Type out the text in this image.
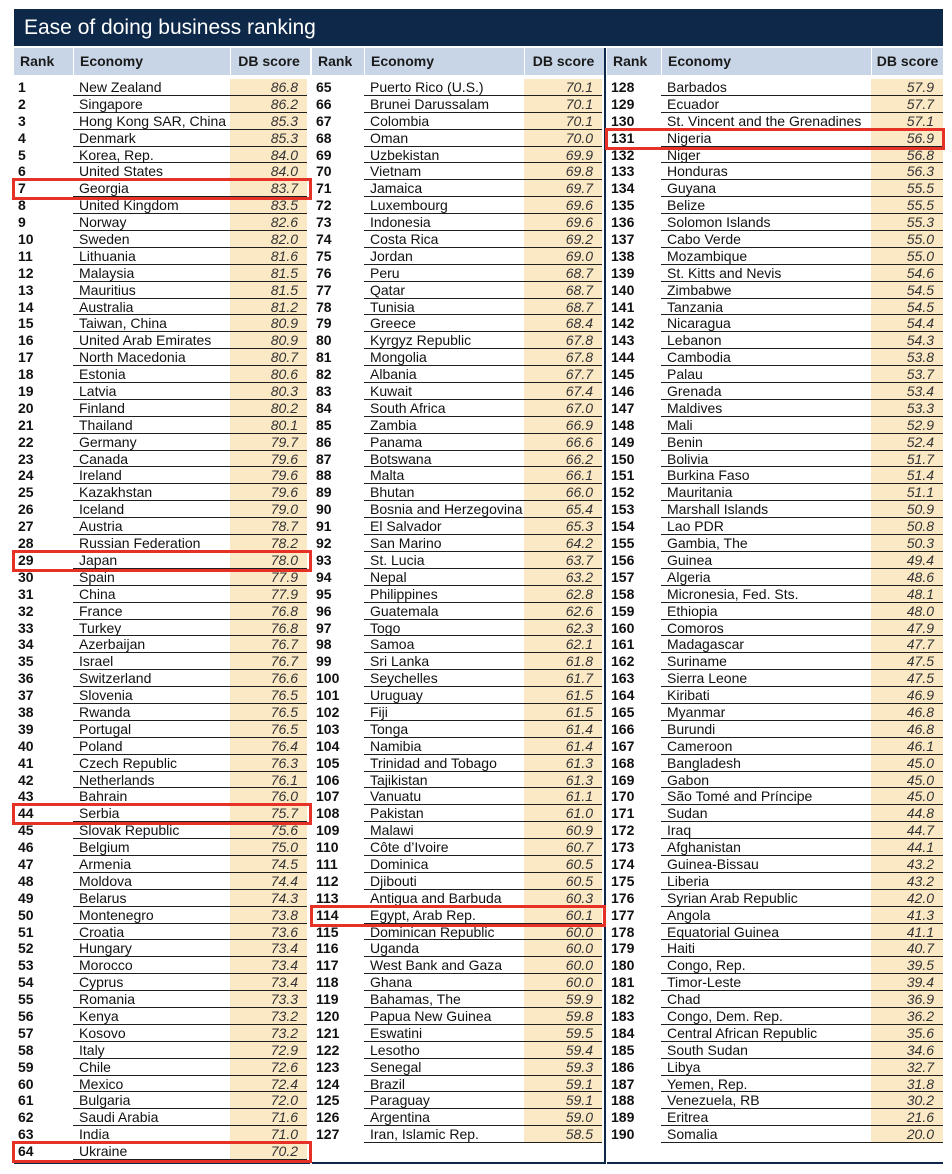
Ease of doing business ranking
Rank	Economy	DB score
1	New Zealand	86.8
2	Singapore	86.2
3	Hong Kong SAR, China	85.3
4	Denmark	85.3
5	Korea, Rep.	84.0
6	United States	84.0
7	Georgia	83.7
8	United Kingdom	83.5
9	Norway	82.6
10	Sweden	82.0
11	Lithuania	81.6
12	Malaysia	81.5
13	Mauritius	81.5
14	Australia	81.2
15	Taiwan, China	80.9
16	United Arab Emirates	80.9
17	North Macedonia	80.7
18	Estonia	80.6
19	Latvia	80.3
20	Finland	80.2
21	Thailand	80.1
22	Germany	79.7
23	Canada	79.6
24	Ireland	79.6
25	Kazakhstan	79.6
26	Iceland	79.0
27	Austria	78.7
28	Russian Federation	78.2
29	Japan	78.0
30	Spain	77.9
31	China	77.9
32	France	76.8
33	Turkey	76.8
34	Azerbaijan	76.7
35	Israel	76.7
36	Switzerland	76.6
37	Slovenia	76.5
38	Rwanda	76.5
39	Portugal	76.5
40	Poland	76.4
41	Czech Republic	76.3
42	Netherlands	76.1
43	Bahrain	76.0
44	Serbia	75.7
45	Slovak Republic	75.6
46	Belgium	75.0
47	Armenia	74.5
48	Moldova	74.4
49	Belarus	74.3
50	Montenegro	73.8
51	Croatia	73.6
52	Hungary	73.4
53	Morocco	73.4
54	Cyprus	73.4
55	Romania	73.3
56	Kenya	73.2
57	Kosovo	73.2
58	Italy	72.9
59	Chile	72.6
60	Mexico	72.4
61	Bulgaria	72.0
62	Saudi Arabia	71.6
63	India	71.0
64	Ukraine	70.2
Rank	Economy	DB score
65	Puerto Rico (U.S.)	70.1
66	Brunei Darussalam	70.1
67	Colombia	70.1
68	Oman	70.0
69	Uzbekistan	69.9
70	Vietnam	69.8
71	Jamaica	69.7
72	Luxembourg	69.6
73	Indonesia	69.6
74	Costa Rica	69.2
75	Jordan	69.0
76	Peru	68.7
77	Qatar	68.7
78	Tunisia	68.7
79	Greece	68.4
80	Kyrgyz Republic	67.8
81	Mongolia	67.8
82	Albania	67.7
83	Kuwait	67.4
84	South Africa	67.0
85	Zambia	66.9
86	Panama	66.6
87	Botswana	66.2
88	Malta	66.1
89	Bhutan	66.0
90	Bosnia and Herzegovina	65.4
91	El Salvador	65.3
92	San Marino	64.2
93	St. Lucia	63.7
94	Nepal	63.2
95	Philippines	62.8
96	Guatemala	62.6
97	Togo	62.3
98	Samoa	62.1
99	Sri Lanka	61.8
100	Seychelles	61.7
101	Uruguay	61.5
102	Fiji	61.5
103	Tonga	61.4
104	Namibia	61.4
105	Trinidad and Tobago	61.3
106	Tajikistan	61.3
107	Vanuatu	61.1
108	Pakistan	61.0
109	Malawi	60.9
110	Côte d’Ivoire	60.7
111	Dominica	60.5
112	Djibouti	60.5
113	Antigua and Barbuda	60.3
114	Egypt, Arab Rep.	60.1
115	Dominican Republic	60.0
116	Uganda	60.0
117	West Bank and Gaza	60.0
118	Ghana	60.0
119	Bahamas, The	59.9
120	Papua New Guinea	59.8
121	Eswatini	59.5
122	Lesotho	59.4
123	Senegal	59.3
124	Brazil	59.1
125	Paraguay	59.1
126	Argentina	59.0
127	Iran, Islamic Rep.	58.5
Rank	Economy	DB score
128	Barbados	57.9
129	Ecuador	57.7
130	St. Vincent and the Grenadines	57.1
131	Nigeria	56.9
132	Niger	56.8
133	Honduras	56.3
134	Guyana	55.5
135	Belize	55.5
136	Solomon Islands	55.3
137	Cabo Verde	55.0
138	Mozambique	55.0
139	St. Kitts and Nevis	54.6
140	Zimbabwe	54.5
141	Tanzania	54.5
142	Nicaragua	54.4
143	Lebanon	54.3
144	Cambodia	53.8
145	Palau	53.7
146	Grenada	53.4
147	Maldives	53.3
148	Mali	52.9
149	Benin	52.4
150	Bolivia	51.7
151	Burkina Faso	51.4
152	Mauritania	51.1
153	Marshall Islands	50.9
154	Lao PDR	50.8
155	Gambia, The	50.3
156	Guinea	49.4
157	Algeria	48.6
158	Micronesia, Fed. Sts.	48.1
159	Ethiopia	48.0
160	Comoros	47.9
161	Madagascar	47.7
162	Suriname	47.5
163	Sierra Leone	47.5
164	Kiribati	46.9
165	Myanmar	46.8
166	Burundi	46.8
167	Cameroon	46.1
168	Bangladesh	45.0
169	Gabon	45.0
170	São Tomé and Príncipe	45.0
171	Sudan	44.8
172	Iraq	44.7
173	Afghanistan	44.1
174	Guinea-Bissau	43.2
175	Liberia	43.2
176	Syrian Arab Republic	42.0
177	Angola	41.3
178	Equatorial Guinea	41.1
179	Haiti	40.7
180	Congo, Rep.	39.5
181	Timor-Leste	39.4
182	Chad	36.9
183	Congo, Dem. Rep.	36.2
184	Central African Republic	35.6
185	South Sudan	34.6
186	Libya	32.7
187	Yemen, Rep.	31.8
188	Venezuela, RB	30.2
189	Eritrea	21.6
190	Somalia	20.0
